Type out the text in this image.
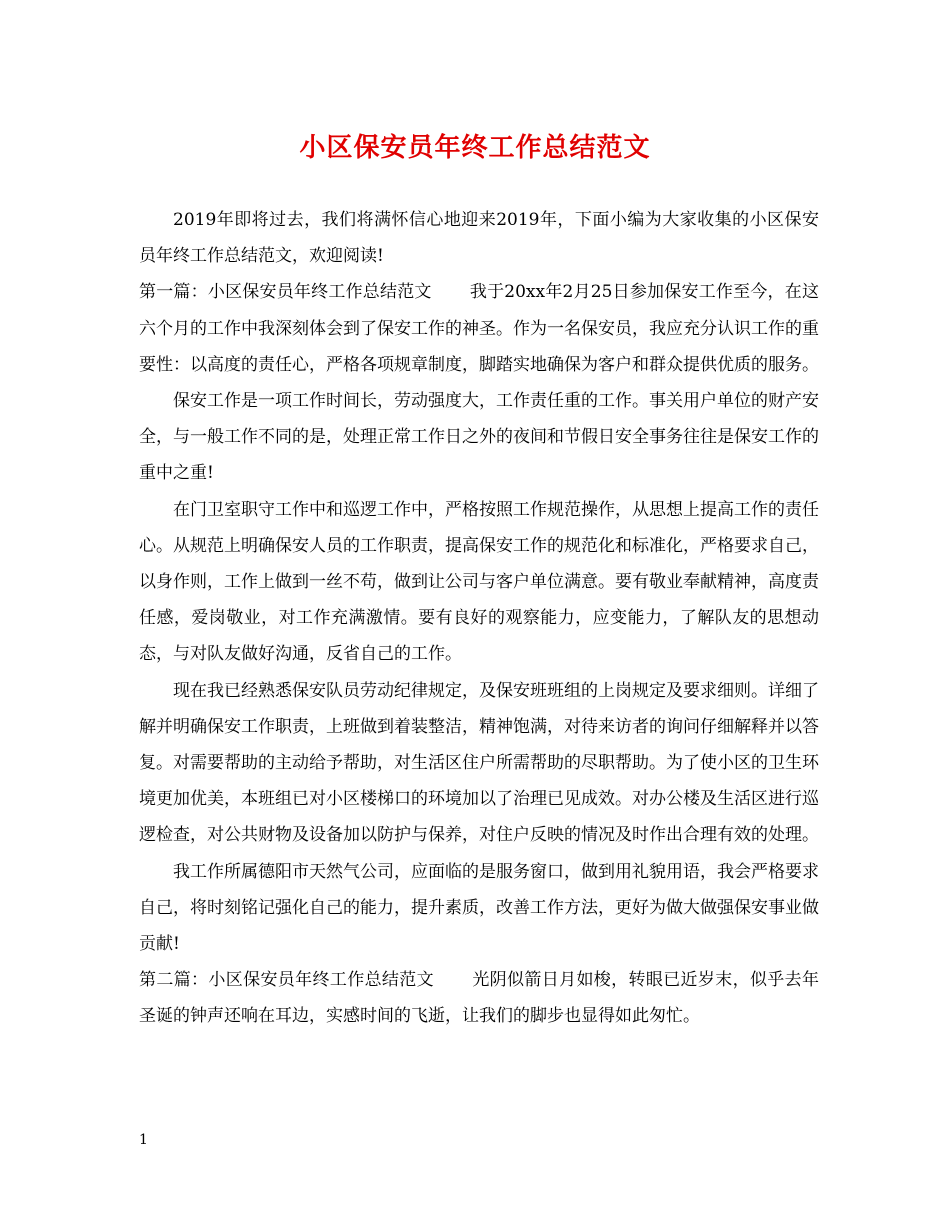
小区保安员年终工作总结范文

2019年即将过去，我们将满怀信心地迎来2019年，下面小编为大家收集的小区保安员年终工作总结范文，欢迎阅读!

第一篇：小区保安员年终工作总结范文 我于20xx年2月25日参加保安工作至今，在这六个月的工作中我深刻体会到了保安工作的神圣。作为一名保安员，我应充分认识工作的重要性：以高度的责任心，严格各项规章制度，脚踏实地确保为客户和群众提供优质的服务。

保安工作是一项工作时间长，劳动强度大，工作责任重的工作。事关用户单位的财产安全，与一般工作不同的是，处理正常工作日之外的夜间和节假日安全事务往往是保安工作的重中之重!

在门卫室职守工作中和巡逻工作中，严格按照工作规范操作，从思想上提高工作的责任心。从规范上明确保安人员的工作职责，提高保安工作的规范化和标准化，严格要求自己，以身作则，工作上做到一丝不苟，做到让公司与客户单位满意。要有敬业奉献精神，高度责任感，爱岗敬业，对工作充满激情。要有良好的观察能力，应变能力，了解队友的思想动态，与对队友做好沟通，反省自己的工作。

现在我已经熟悉保安队员劳动纪律规定，及保安班班组的上岗规定及要求细则。详细了解并明确保安工作职责，上班做到着装整洁，精神饱满，对待来访者的询问仔细解释并以答复。对需要帮助的主动给予帮助，对生活区住户所需帮助的尽职帮助。为了使小区的卫生环境更加优美，本班组已对小区楼梯口的环境加以了治理已见成效。对办公楼及生活区进行巡逻检查，对公共财物及设备加以防护与保养，对住户反映的情况及时作出合理有效的处理。

我工作所属德阳市天然气公司，应面临的是服务窗口，做到用礼貌用语，我会严格要求自己，将时刻铭记强化自己的能力，提升素质，改善工作方法，更好为做大做强保安事业做贡献!

第二篇：小区保安员年终工作总结范文 光阴似箭日月如梭，转眼已近岁末，似乎去年圣诞的钟声还响在耳边，实感时间的飞逝，让我们的脚步也显得如此匆忙。

1
